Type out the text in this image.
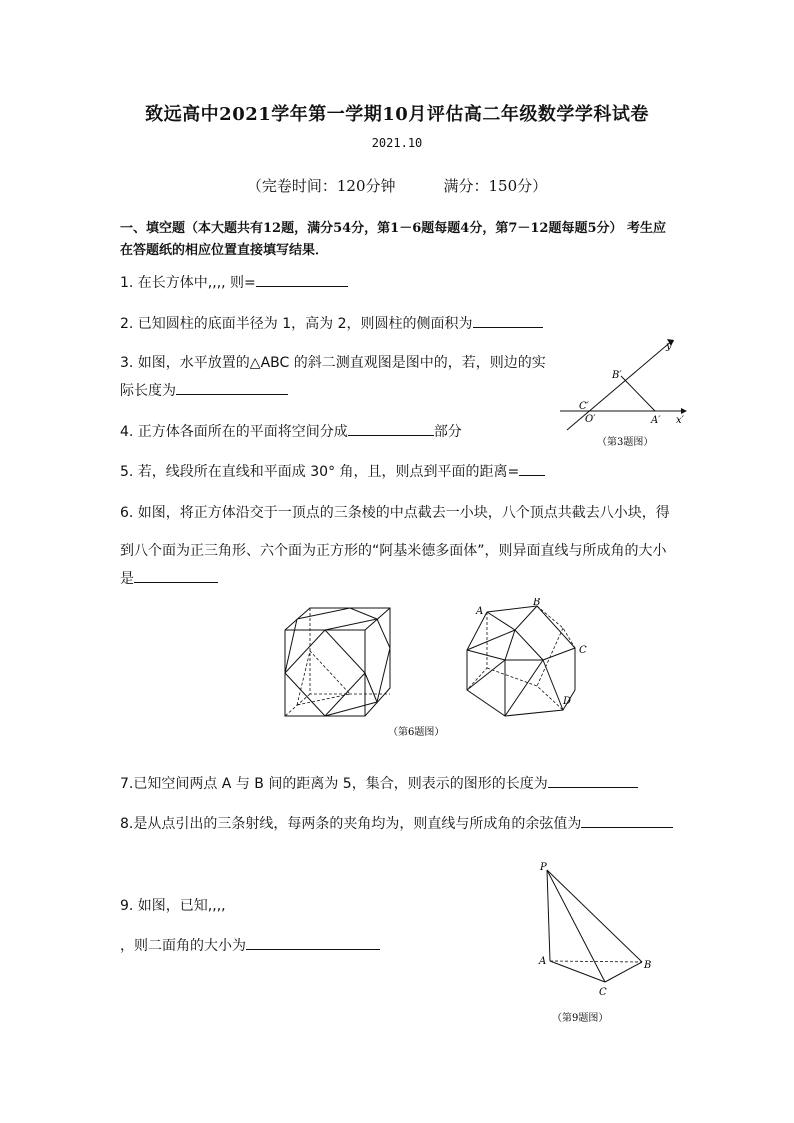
致远高中2021学年第一学期10月评估高二年级数学学科试卷
2021.10
（完卷时间：120分钟	满分：150分）
一、填空题（本大题共有12题，满分54分，第1－6题每题4分，第7－12题每题5分） 考生应在答题纸的相应位置直接填写结果．
1. 在长方体中,,,, 则=
2. 已知圆柱的底面半径为 1，高为 2，则圆柱的侧面积为
3. 如图，水平放置的△ABC 的斜二测直观图是图中的，若，则边的实
际长度为
y′
x′
B′
C′
O′	A′
（第3题图）
4. 正方体各面所在的平面将空间分成	部分
5. 若，线段所在直线和平面成 30° 角，且，则点到平面的距离=
6. 如图，将正方体沿交于一顶点的三条棱的中点截去一小块，八个顶点共截去八小块，得
到八个面为正三角形、六个面为正方形的“阿基米德多面体”，则异面直线与所成角的大小
是
A
B
C
D
（第6题图）
7.已知空间两点 A 与 B 间的距离为 5，集合，则表示的图形的长度为
8.是从点引出的三条射线，每两条的夹角均为，则直线与所成角的余弦值为
9. 如图，已知,,,,
，则二面角的大小为
P
A	B
C
（第9题图）
